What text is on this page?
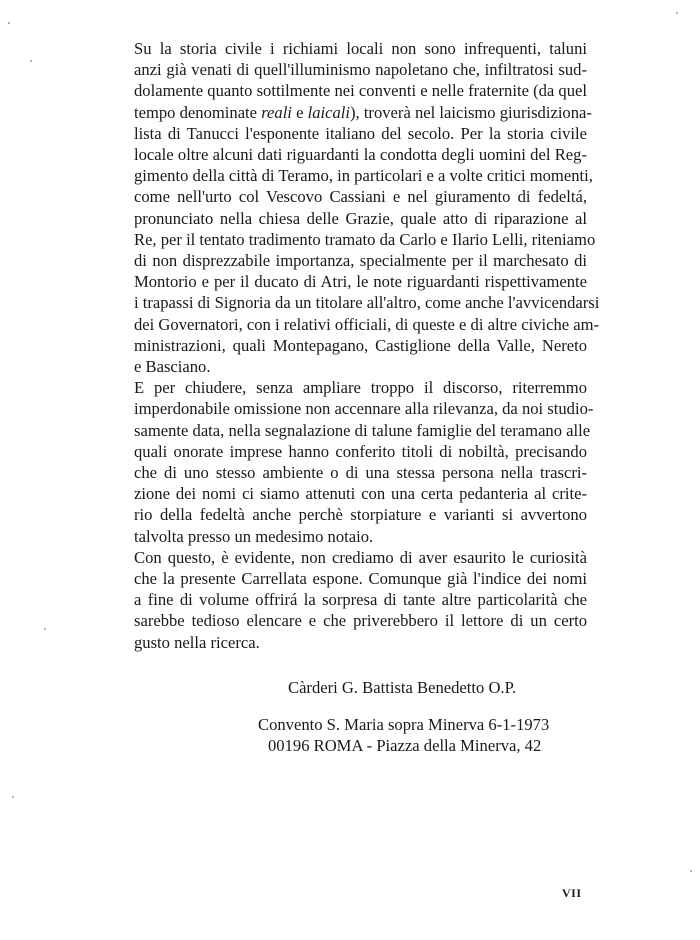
Su la storia civile i richiami locali non sono infrequenti, taluni
anzi già venati di quell'illuminismo napoletano che, infiltratosi sud-
dolamente quanto sottilmente nei conventi e nelle fraternite (da quel
tempo denominate reali e laicali), troverà nel laicismo giurisdiziona-
lista di Tanucci l'esponente italiano del secolo. Per la storia civile
locale oltre alcuni dati riguardanti la condotta degli uomini del Reg-
gimento della città di Teramo, in particolari e a volte critici momenti,
come nell'urto col Vescovo Cassiani e nel giuramento di fedeltá,
pronunciato nella chiesa delle Grazie, quale atto di riparazione al
Re, per il tentato tradimento tramato da Carlo e Ilario Lelli, riteniamo
di non disprezzabile importanza, specialmente per il marchesato di
Montorio e per il ducato di Atri, le note riguardanti rispettivamente
i trapassi di Signoria da un titolare all'altro, come anche l'avvicendarsi
dei Governatori, con i relativi officiali, di queste e di altre civiche am-
ministrazioni, quali Montepagano, Castiglione della Valle, Nereto
e Basciano.
E per chiudere, senza ampliare troppo il discorso, riterremmo
imperdonabile omissione non accennare alla rilevanza, da noi studio-
samente data, nella segnalazione di talune famiglie del teramano alle
quali onorate imprese hanno conferito titoli di nobiltà, precisando
che di uno stesso ambiente o di una stessa persona nella trascri-
zione dei nomi ci siamo attenuti con una certa pedanteria al crite-
rio della fedeltà anche perchè storpiature e varianti si avvertono
talvolta presso un medesimo notaio.
Con questo, è evidente, non crediamo di aver esaurito le curiosità
che la presente Carrellata espone. Comunque già l'indice dei nomi
a fine di volume offrirá la sorpresa di tante altre particolarità che
sarebbe tedioso elencare e che priverebbero il lettore di un certo
gusto nella ricerca.
Càrderi G. Battista Benedetto O.P.
Convento S. Maria sopra Minerva 6-1-1973
00196 ROMA - Piazza della Minerva, 42
VII
